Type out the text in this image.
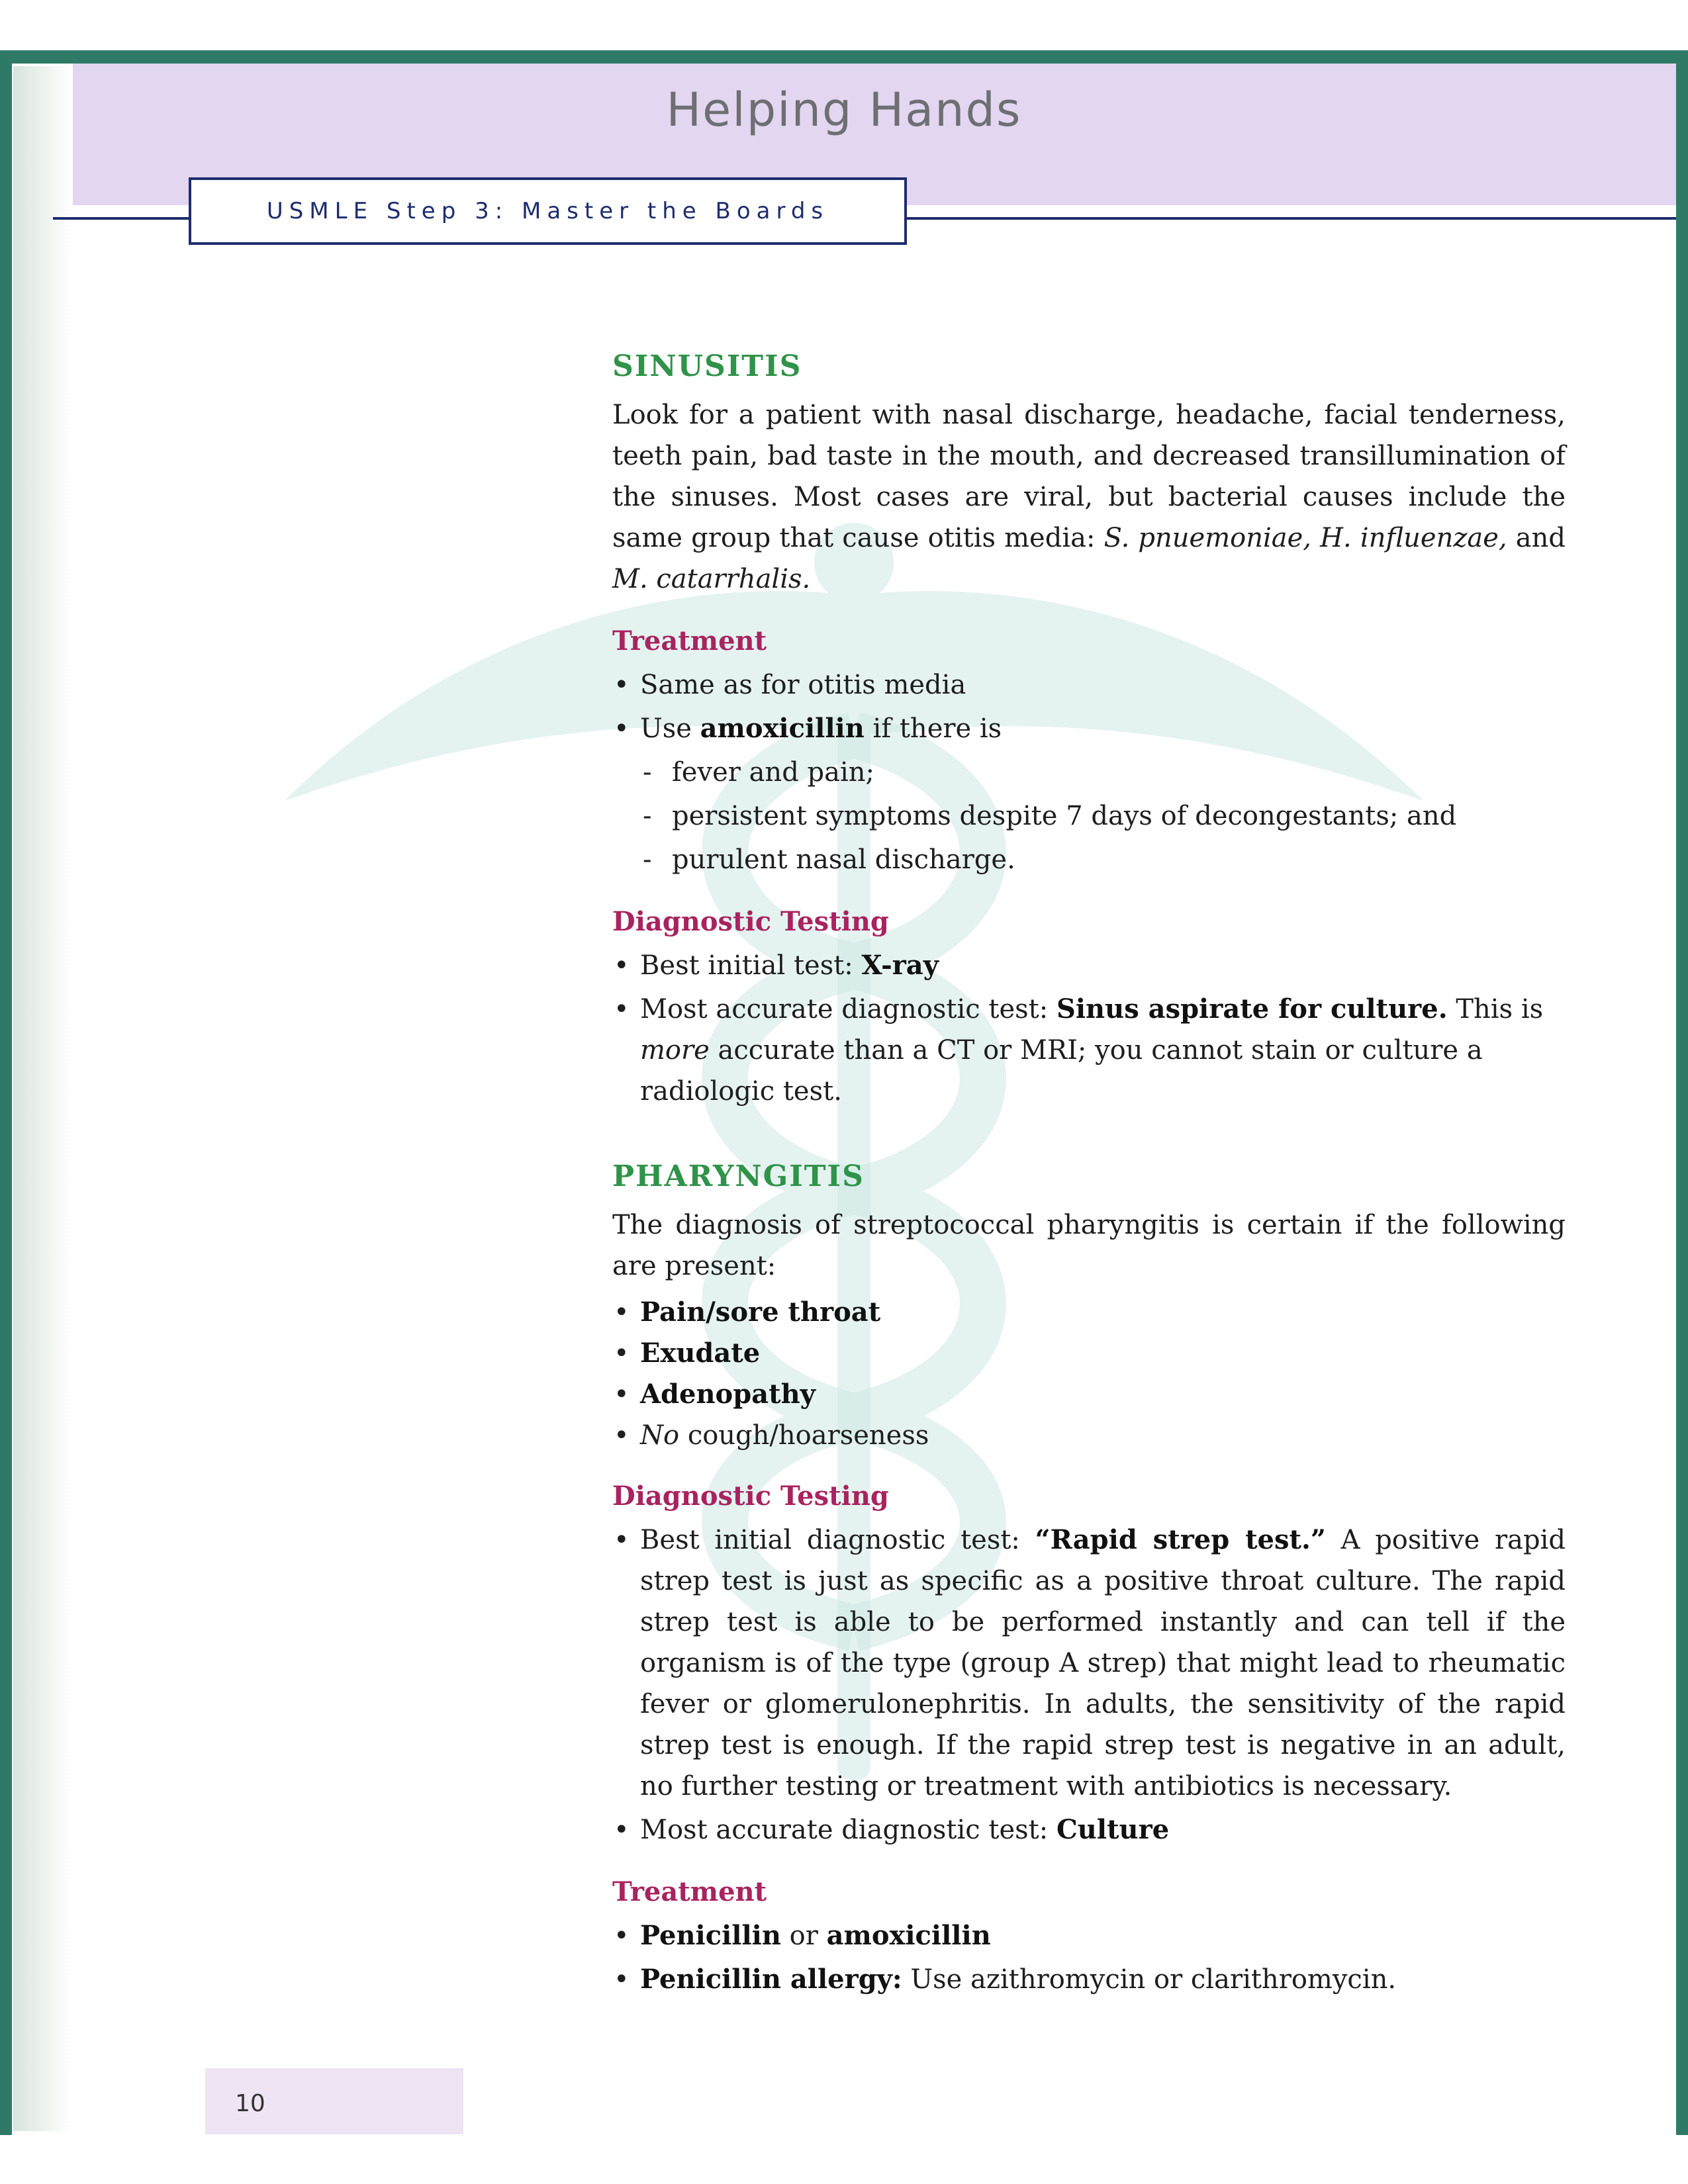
Helping Hands
USMLE Step 3: Master the Boards
SINUSITIS

Look for a patient with nasal discharge, headache, facial tenderness, teeth pain, bad taste in the mouth, and decreased transillumination of the sinuses. Most cases are viral, but bacterial causes include the same group that cause otitis media: S. pnuemoniae, H. influenzae, and M. catarrhalis.

Treatment
• Same as for otitis media
• Use amoxicillin if there is
- fever and pain;
- persistent symptoms despite 7 days of decongestants; and
- purulent nasal discharge.
Diagnostic Testing
• Best initial test: X-ray
• Most accurate diagnostic test: Sinus aspirate for culture. This is more accurate than a CT or MRI; you cannot stain or culture a radiologic test.
PHARYNGITIS

The diagnosis of streptococcal pharyngitis is certain if the following are present:

• Pain/sore throat
• Exudate
• Adenopathy
• No cough/hoarseness
Diagnostic Testing
• Best initial diagnostic test: “Rapid strep test.” A positive rapid strep test is just as specific as a positive throat culture. The rapid strep test is able to be performed instantly and can tell if the organism is of the type (group A strep) that might lead to rheumatic fever or glomerulonephritis. In adults, the sensitivity of the rapid strep test is enough. If the rapid strep test is negative in an adult, no further testing or treatment with antibiotics is necessary.
• Most accurate diagnostic test: Culture
Treatment
• Penicillin or amoxicillin
• Penicillin allergy: Use azithromycin or clarithromycin.
10
